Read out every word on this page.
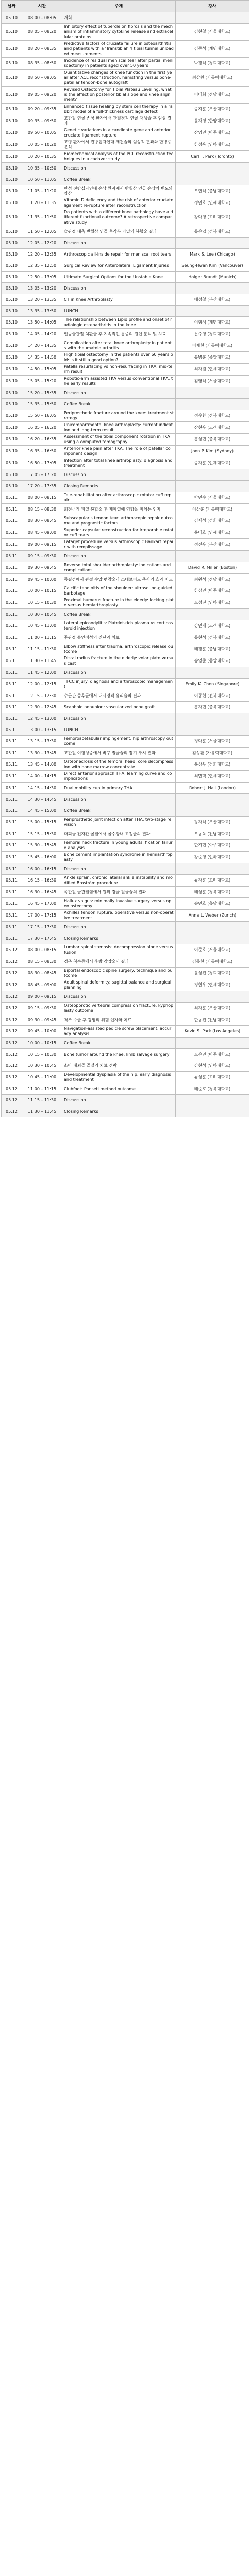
날짜	시간	주제	강사
05.10	08:00 – 08:05	개회	
05.10	08:05 – 08:20	Inhibitory effect of tubercle on fibrosis and the mechanism of inflammatory cytokine release and extracellular proteins	김현철 (서울대학교)
05.10	08:20 – 08:35	Predictive factors of cruciate failure in osteoarthritis and patients with a 'Transtibial' 4 tibial tunnel unloaded measurements	김종석 (계명대학교)
05.10	08:35 – 08:50	Incidence of residual meniscal tear after partial meniscectomy in patients aged over 50 years	박정석 (경희대학교)
05.10	08:50 – 09:05	Quantitative changes of knee function in the first year after ACL reconstruction: hamstring versus bone-patellar tendon-bone autograft	최상원 (가톨릭대학교)
05.10	09:05 – 09:20	Revised Osteotomy for Tibial Plateau Leveling: what is the effect on posterior tibial slope and knee alignment?	이태희 (전남대학교)
05.10	09:20 – 09:35	Enhanced tissue healing by stem cell therapy in a rabbit model of a full-thickness cartilage defect	송지훈 (부산대학교)
05.10	09:35 – 09:50	고관절 연골 손상 환자에서 관절경적 연골 재생술 후 임상 결과	윤재영 (한양대학교)
05.10	09:50 – 10:05	Genetic variations in a candidate gene and anterior cruciate ligament rupture	장영민 (아주대학교)
05.10	10:05 – 10:20	고령 환자에서 전방십자인대 재건술의 임상적 결과와 합병증 분석	한성욱 (인하대학교)
05.10	10:20 – 10:35	Biomechanical analysis of the PCL reconstruction techniques in a cadaver study	Carl T. Park (Toronto)
05.10	10:35 – 10:50	Discussion	
05.10	10:50 – 11:05	Coffee Break	
05.10	11:05 – 11:20	만성 전방십자인대 손상 환자에서 반월상 연골 손상의 빈도와 양상	오현석 (충남대학교)
05.10	11:20 – 11:35	Vitamin D deficiency and the risk of anterior cruciate ligament re-rupture after reconstruction	정민호 (연세대학교)
05.10	11:35 – 11:50	Do patients with a different knee pathology have a different functional outcome? A retrospective comparative study	강대영 (고려대학교)
05.10	11:50 – 12:05	슬관절 내측 반월상 연골 후각부 파열의 봉합술 결과	류승엽 (경북대학교)
05.10	12:05 – 12:20	Discussion	
05.10	12:20 – 12:35	Arthroscopic all-inside repair for meniscal root tears	Mark S. Lee (Chicago)
05.10	12:35 – 12:50	Surgical Review for Anterolateral Ligament Injuries	Seung-Hwan Kim (Vancouver)
05.10	12:50 – 13:05	Ultimate Surgical Options for the Unstable Knee	Holger Brandt (Munich)
05.10	13:05 – 13:20	Discussion	
05.10	13:20 – 13:35	CT in Knee Arthroplasty	배성철 (부산대학교)
05.10	13:35 – 13:50	LUNCH	
05.10	13:50 – 14:05	The relationship between Lipid profile and onset of radiologic osteoarthritis in the knee	이형석 (계명대학교)
05.10	14:05 – 14:20	인공슬관절 치환술 후 지속적인 통증의 원인 분석 및 치료	문수영 (경희대학교)
05.10	14:20 – 14:35	Complication after total knee arthroplasty in patients with rheumatoid arthritis	이재현 (가톨릭대학교)
05.10	14:35 – 14:50	High tibial osteotomy in the patients over 60 years old: is it still a good option?	유병훈 (중앙대학교)
05.10	14:50 – 15:05	Patella resurfacing vs non-resurfacing in TKA: mid-term result	최재원 (연세대학교)
05.10	15:05 – 15:20	Robotic-arm assisted TKA versus conventional TKA: the early results	김영석 (서울대학교)
05.10	15:20 – 15:35	Discussion	
05.10	15:35 – 15:50	Coffee Break	
05.10	15:50 – 16:05	Periprosthetic fracture around the knee: treatment strategy	정수환 (전북대학교)
05.10	16:05 – 16:20	Unicompartmental knee arthroplasty: current indication and long-term result	장현우 (고려대학교)
05.10	16:20 – 16:35	Assessment of the tibial component rotation in TKA using a computed tomography	홍성민 (충북대학교)
05.10	16:35 – 16:50	Anterior knee pain after TKA: The role of patellar component design	Joon P. Kim (Sydney)
05.10	16:50 – 17:05	Infection after total knee arthroplasty: diagnosis and treatment	송재훈 (인제대학교)
05.10	17:05 – 17:20	Discussion	
05.10	17:20 – 17:35	Closing Remarks	
05.11	08:00 – 08:15	Tele-rehabilitation after arthroscopic rotator cuff repair	박민수 (서울대학교)
05.11	08:15 – 08:30	회전근개 파열 봉합술 후 재파열에 영향을 미치는 인자	이상훈 (가톨릭대학교)
05.11	08:30 – 08:45	Subscapularis tendon tear: arthroscopic repair outcome and prognostic factors	김재성 (경희대학교)
05.11	08:45 – 09:00	Superior capsular reconstruction for irreparable rotator cuff tears	윤태호 (연세대학교)
05.11	09:00 – 09:15	Latarjet procedure versus arthroscopic Bankart repair with remplissage	정진우 (부산대학교)
05.11	09:15 – 09:30	Discussion	
05.11	09:30 – 09:45	Reverse total shoulder arthroplasty: indications and complications	David R. Miller (Boston)
05.11	09:45 – 10:00	동결견에서 관절 수압 팽창술과 스테로이드 주사의 효과 비교	최원석 (전남대학교)
05.11	10:00 – 10:15	Calcific tendinitis of the shoulder: ultrasound-guided barbotage	한상민 (아주대학교)
05.11	10:15 – 10:30	Proximal humerus fracture in the elderly: locking plate versus hemiarthroplasty	오성진 (인하대학교)
05.11	10:30 – 10:45	Coffee Break	
05.11	10:45 – 11:00	Lateral epicondylitis: Platelet-rich plasma vs corticosteroid injection	강민재 (고려대학교)
05.11	11:00 – 11:15	주관절 불안정성의 진단과 치료	류현석 (경북대학교)
05.11	11:15 – 11:30	Elbow stiffness after trauma: arthroscopic release outcome	배정훈 (충남대학교)
05.11	11:30 – 11:45	Distal radius fracture in the elderly: volar plate versus cast	송영준 (중앙대학교)
05.11	11:45 – 12:00	Discussion	
05.11	12:00 – 12:15	TFCC injury: diagnosis and arthroscopic management	Emily K. Chen (Singapore)
05.11	12:15 – 12:30	수근관 증후군에서 내시경적 유리술의 결과	이동현 (전북대학교)
05.11	12:30 – 12:45	Scaphoid nonunion: vascularized bone graft	홍재민 (충북대학교)
05.11	12:45 – 13:00	Discussion	
05.11	13:00 – 13:15	LUNCH	
05.11	13:15 – 13:30	Femoroacetabular impingement: hip arthroscopy outcome	정대훈 (서울대학교)
05.11	13:30 – 13:45	고관절 이형성증에서 비구 절골술의 장기 추시 결과	김성환 (가톨릭대학교)
05.11	13:45 – 14:00	Osteonecrosis of the femoral head: core decompression with bone marrow concentrate	윤상우 (경희대학교)
05.11	14:00 – 14:15	Direct anterior approach THA: learning curve and complications	최민혁 (연세대학교)
05.11	14:15 – 14:30	Dual mobility cup in primary THA	Robert J. Hall (London)
05.11	14:30 – 14:45	Discussion	
05.11	14:45 – 15:00	Coffee Break	
05.11	15:00 – 15:15	Periprosthetic joint infection after THA: two-stage revision	장재석 (부산대학교)
05.11	15:15 – 15:30	대퇴골 전자간 골절에서 골수강내 고정술의 결과	오동욱 (전남대학교)
05.11	15:30 – 15:45	Femoral neck fracture in young adults: fixation failure analysis	한기현 (아주대학교)
05.11	15:45 – 16:00	Bone cement implantation syndrome in hemiarthroplasty	강준영 (인하대학교)
05.11	16:00 – 16:15	Discussion	
05.11	16:15 – 16:30	Ankle sprain: chronic lateral ankle instability and modified Broström procedure	류재훈 (고려대학교)
05.11	16:30 – 16:45	족관절 골관절염에서 원위 경골 절골술의 결과	배성훈 (경북대학교)
05.11	16:45 – 17:00	Hallux valgus: minimally invasive surgery versus open osteotomy	송민호 (충남대학교)
05.11	17:00 – 17:15	Achilles tendon rupture: operative versus non-operative treatment	Anna L. Weber (Zurich)
05.11	17:15 – 17:30	Discussion	
05.11	17:30 – 17:45	Closing Remarks	
05.12	08:00 – 08:15	Lumbar spinal stenosis: decompression alone versus fusion	이준호 (서울대학교)
05.12	08:15 – 08:30	경추 척수증에서 후방 감압술의 결과	김동현 (가톨릭대학교)
05.12	08:30 – 08:45	Biportal endoscopic spine surgery: technique and outcome	윤성진 (경희대학교)
05.12	08:45 – 09:00	Adult spinal deformity: sagittal balance and surgical planning	정현우 (연세대학교)
05.12	09:00 – 09:15	Discussion	
05.12	09:15 – 09:30	Osteoporotic vertebral compression fracture: kyphoplasty outcome	최재훈 (부산대학교)
05.12	09:30 – 09:45	척추 수술 후 감염의 위험 인자와 치료	한동진 (전남대학교)
05.12	09:45 – 10:00	Navigation-assisted pedicle screw placement: accuracy analysis	Kevin S. Park (Los Angeles)
05.12	10:00 – 10:15	Coffee Break	
05.12	10:15 – 10:30	Bone tumor around the knee: limb salvage surgery	오승민 (아주대학교)
05.12	10:30 – 10:45	소아 대퇴골 골절의 치료 전략	강현석 (인하대학교)
05.12	10:45 – 11:00	Developmental dysplasia of the hip: early diagnosis and treatment	류성훈 (고려대학교)
05.12	11:00 – 11:15	Clubfoot: Ponseti method outcome	배준호 (경북대학교)
05.12	11:15 – 11:30	Discussion	
05.12	11:30 – 11:45	Closing Remarks	
